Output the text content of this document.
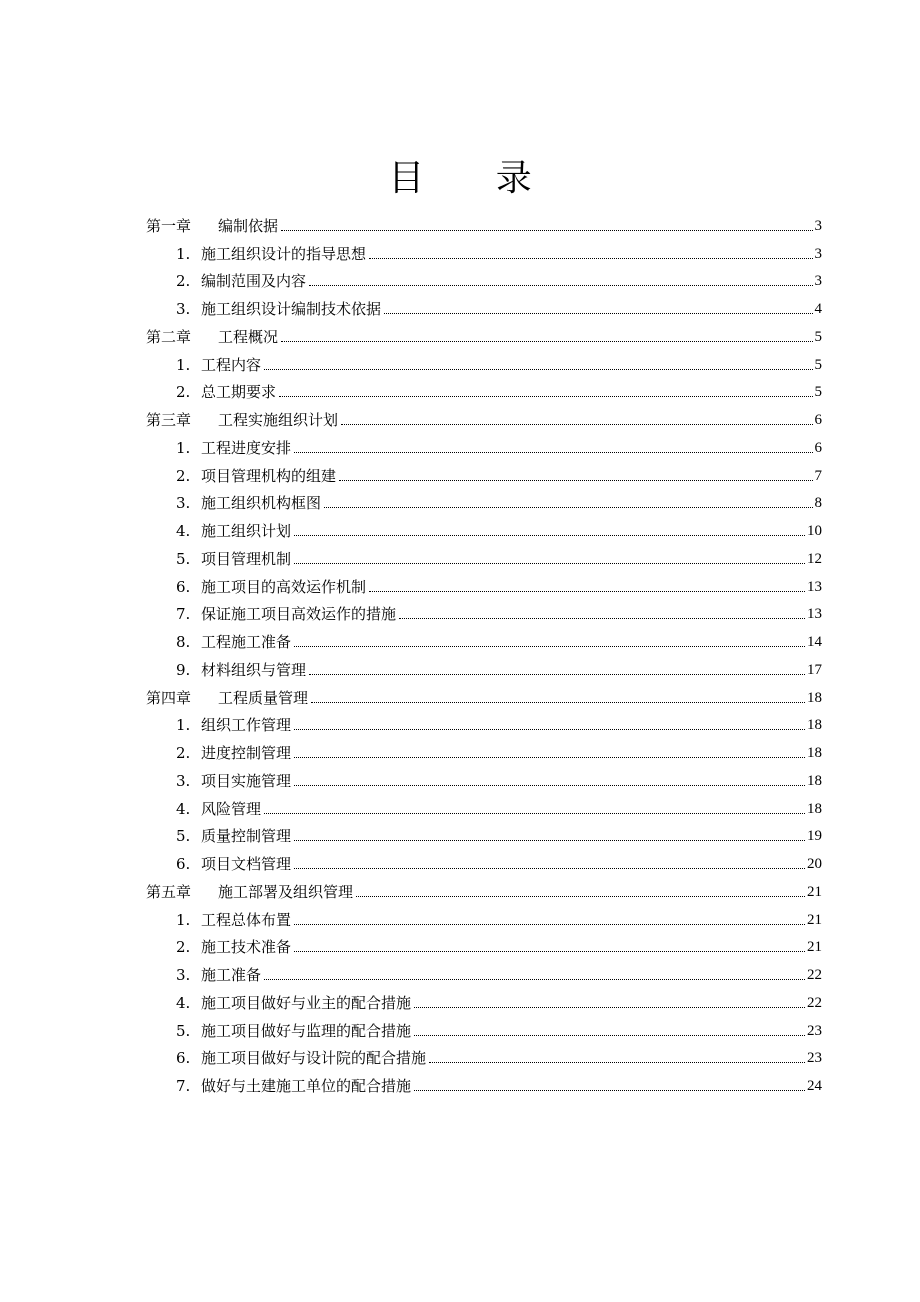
目 录
第一章	编制依据	3
1. 施工组织设计的指导思想	3
2. 编制范围及内容	3
3. 施工组织设计编制技术依据	4
第二章	工程概况	5
1. 工程内容	5
2. 总工期要求	5
第三章	工程实施组织计划	6
1. 工程进度安排	6
2. 项目管理机构的组建	7
3. 施工组织机构框图	8
4. 施工组织计划	10
5. 项目管理机制	12
6. 施工项目的高效运作机制	13
7. 保证施工项目高效运作的措施	13
8. 工程施工准备	14
9. 材料组织与管理	17
第四章	工程质量管理	18
1. 组织工作管理	18
2. 进度控制管理	18
3. 项目实施管理	18
4. 风险管理	18
5. 质量控制管理	19
6. 项目文档管理	20
第五章	施工部署及组织管理	21
1. 工程总体布置	21
2. 施工技术准备	21
3. 施工准备	22
4. 施工项目做好与业主的配合措施	22
5. 施工项目做好与监理的配合措施	23
6. 施工项目做好与设计院的配合措施	23
7. 做好与土建施工单位的配合措施	24
